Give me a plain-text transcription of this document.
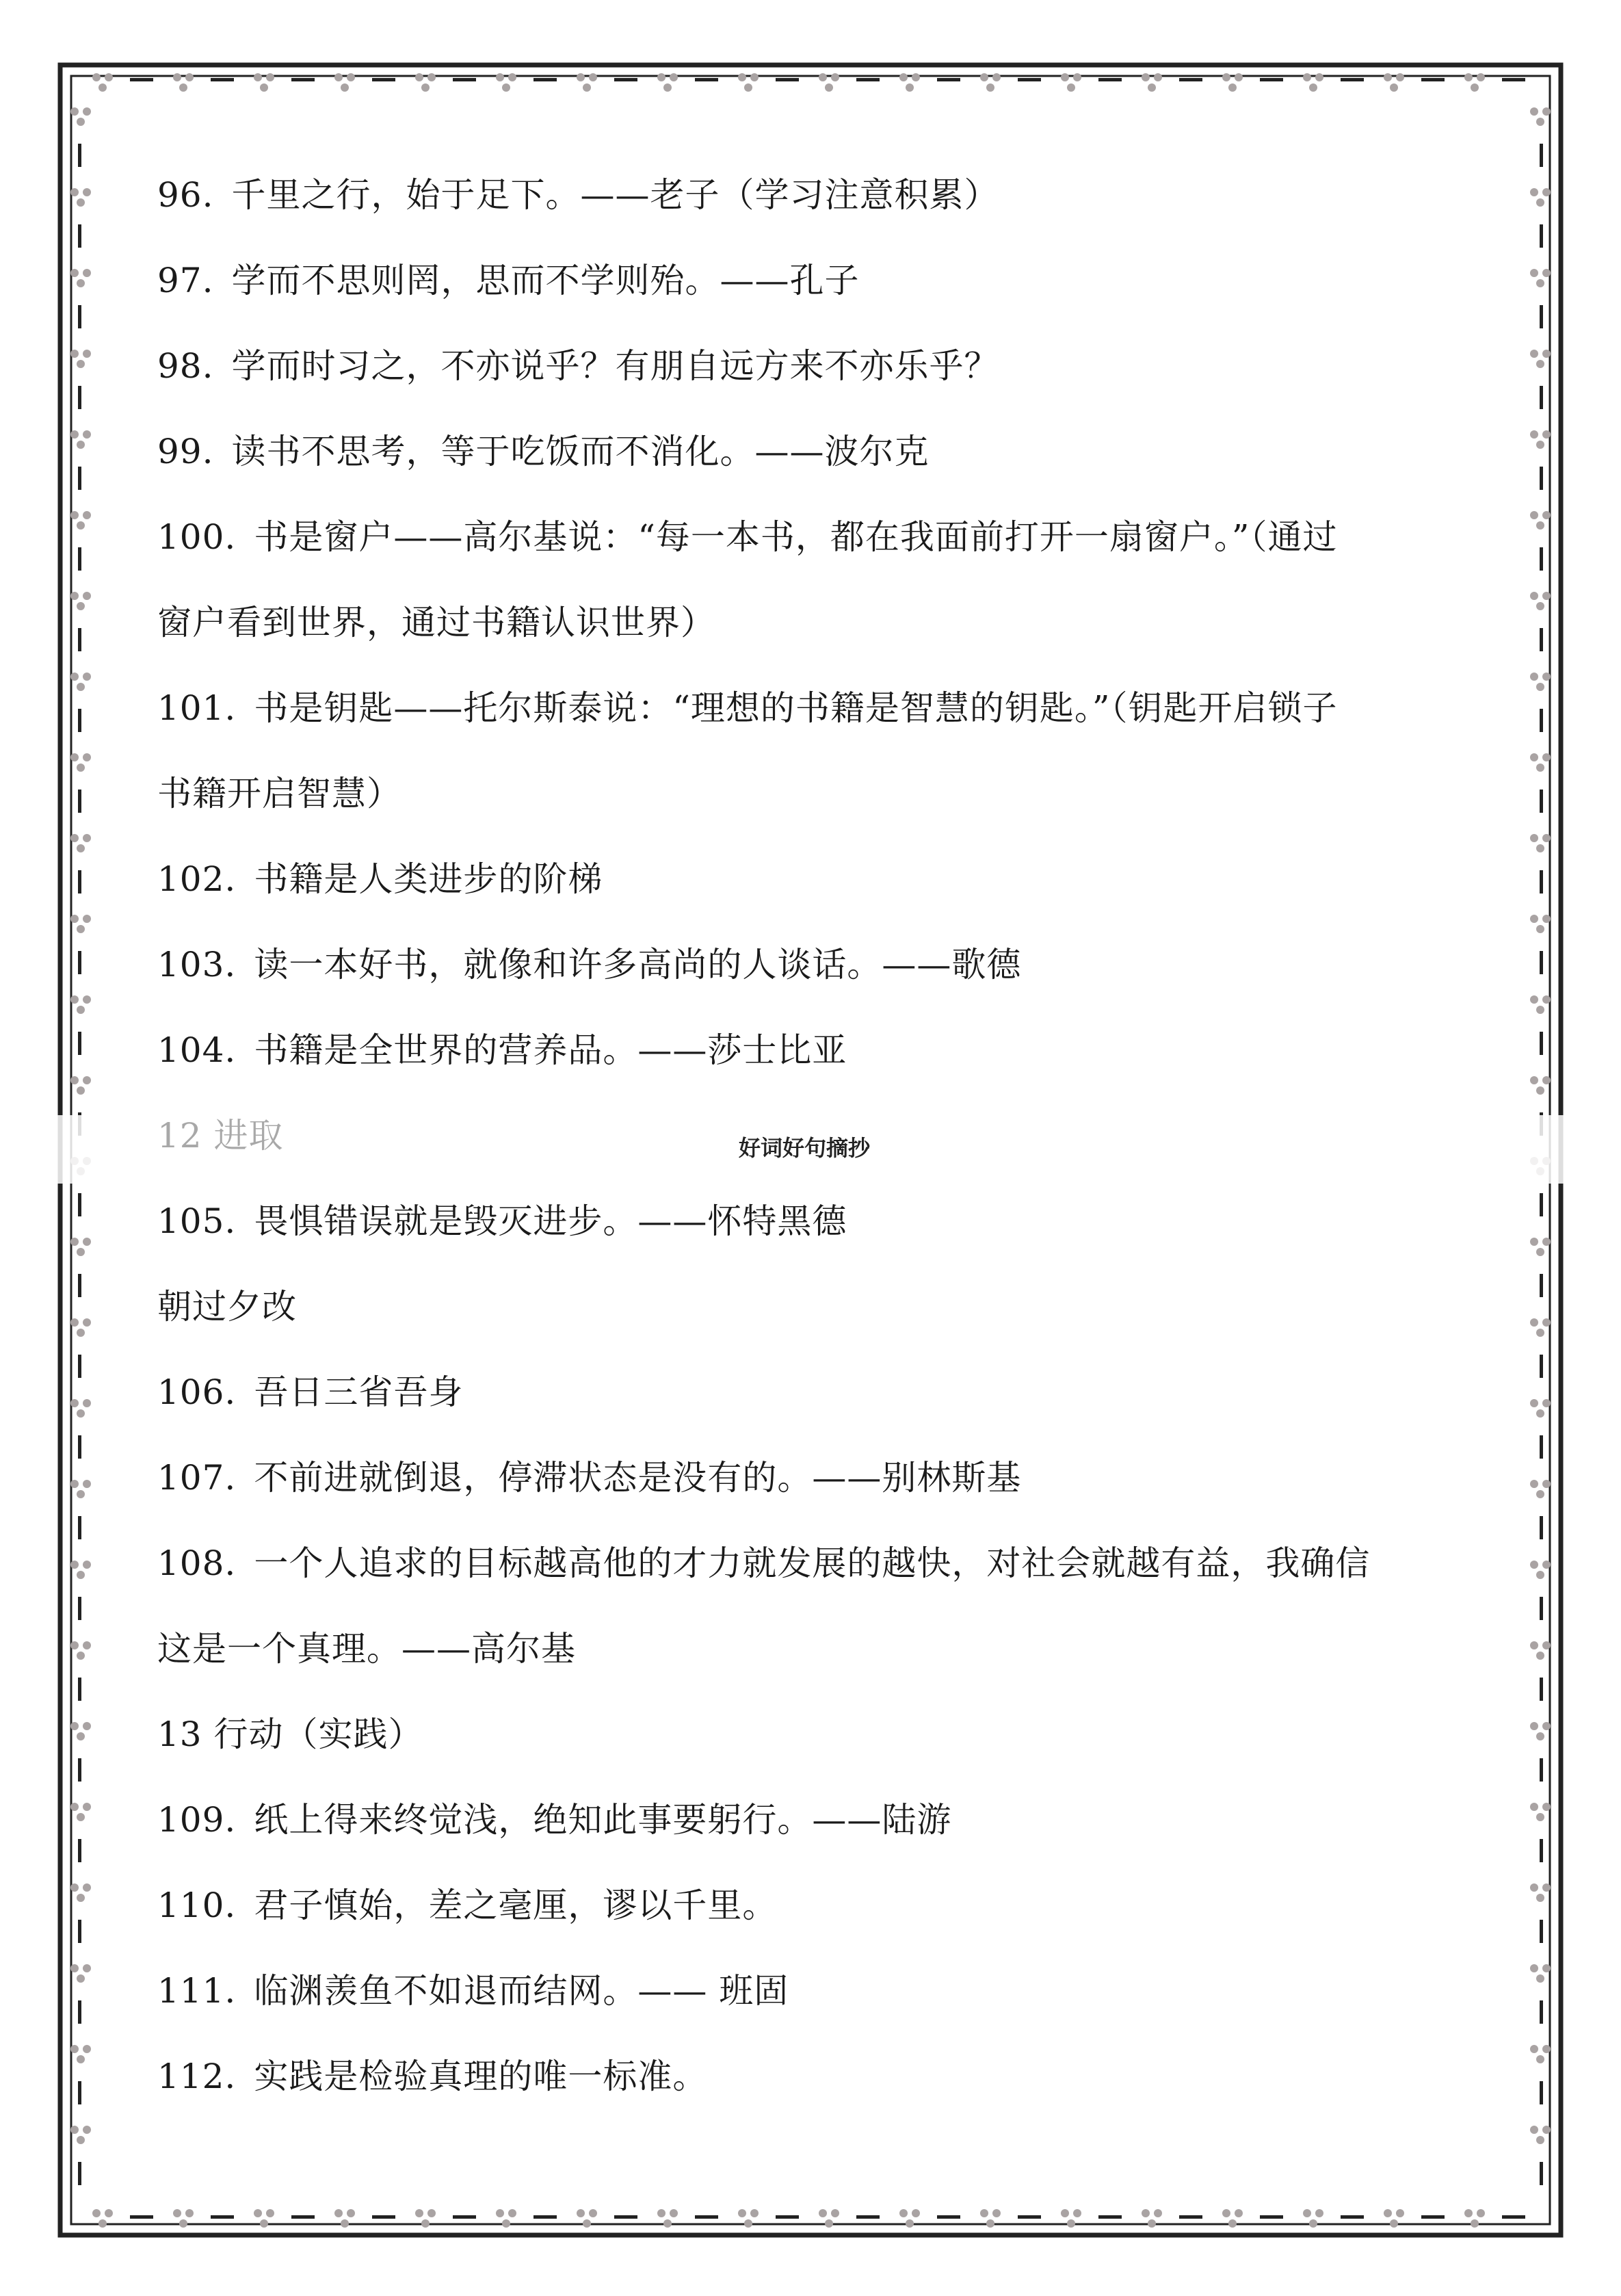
96. 千里之行，始于足下。——老子（学习注意积累）
97. 学而不思则罔，思而不学则殆。——孔子
98. 学而时习之，不亦说乎？有朋自远方来不亦乐乎？
99. 读书不思考，等于吃饭而不消化。——波尔克
100. 书是窗户——高尔基说：“每一本书，都在我面前打开一扇窗户。”（通过
窗户看到世界，通过书籍认识世界）
101. 书是钥匙——托尔斯泰说：“理想的书籍是智慧的钥匙。”（钥匙开启锁子
书籍开启智慧）
102. 书籍是人类进步的阶梯
103. 读一本好书，就像和许多高尚的人谈话。——歌德
104. 书籍是全世界的营养品。——莎士比亚
12 进取
105. 畏惧错误就是毁灭进步。——怀特黑德
朝过夕改
106. 吾日三省吾身
107. 不前进就倒退，停滞状态是没有的。——别林斯基
108. 一个人追求的目标越高他的才力就发展的越快，对社会就越有益，我确信
这是一个真理。——高尔基
13 行动（实践）
109. 纸上得来终觉浅，绝知此事要躬行。——陆游
110. 君子慎始，差之毫厘，谬以千里。
111. 临渊羡鱼不如退而结网。—— 班固
112. 实践是检验真理的唯一标准。
好词好句摘抄
